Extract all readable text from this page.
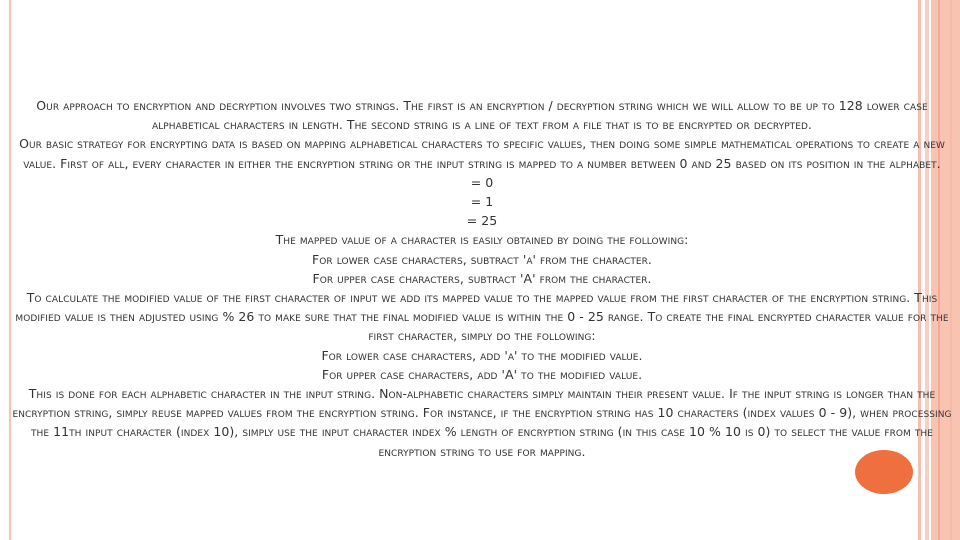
Our approach to encryption and decryption involves two strings. The first is an encryption / decryption string which we will allow to be up to 128 lower case alphabetical characters in length. The second string is a line of text from a file that is to be encrypted or decrypted.

Our basic strategy for encrypting data is based on mapping alphabetical characters to specific values, then doing some simple mathematical operations to create a new value. First of all, every character in either the encryption string or the input string is mapped to a number between 0 and 25 based on its position in the alphabet.

= 0

= 1

= 25

The mapped value of a character is easily obtained by doing the following:

For lower case characters, subtract 'a' from the character.

For upper case characters, subtract 'A' from the character.

To calculate the modified value of the first character of input we add its mapped value to the mapped value from the first character of the encryption string. This modified value is then adjusted using % 26 to make sure that the final modified value is within the 0 - 25 range. To create the final encrypted character value for the first character, simply do the following:

For lower case characters, add 'a' to the modified value.

For upper case characters, add 'A' to the modified value.

This is done for each alphabetic character in the input string. Non-alphabetic characters simply maintain their present value. If the input string is longer than the encryption string, simply reuse mapped values from the encryption string. For instance, if the encryption string has 10 characters (index values 0 - 9), when processing the 11th input character (index 10), simply use the input character index % length of encryption string (in this case 10 % 10 is 0) to select the value from the encryption string to use for mapping.
